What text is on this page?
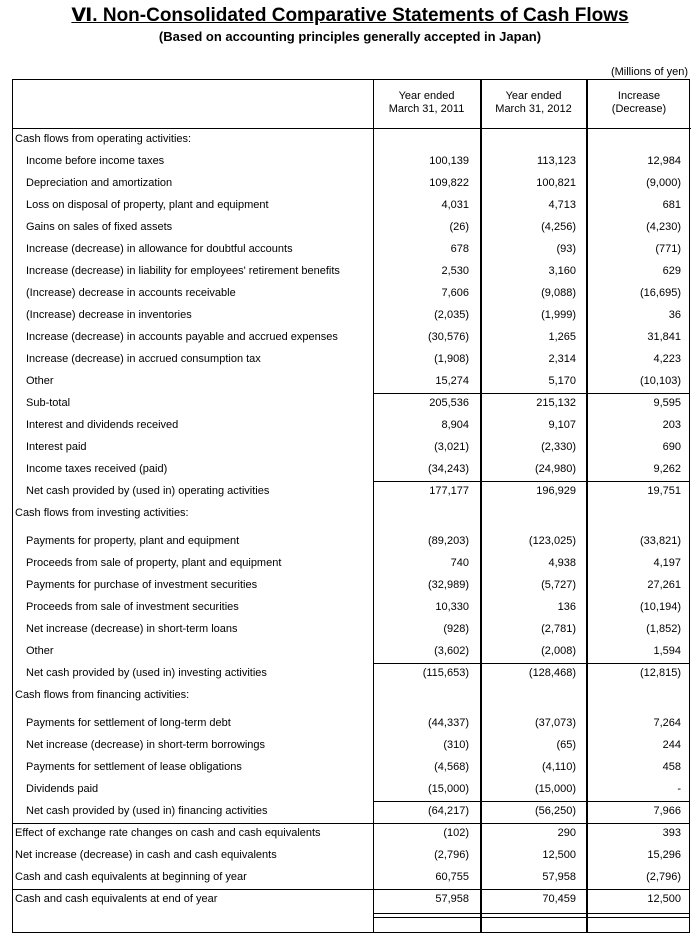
Ⅵ. Non-Consolidated Comparative Statements of Cash Flows
(Based on accounting principles generally accepted in Japan)
(Millions of yen)
Year ended
March 31, 2011
Year ended
March 31, 2012
Increase
(Decrease)
Cash flows from operating activities:
Income before income taxes	100,139	113,123	12,984
Depreciation and amortization	109,822	100,821	(9,000)
Loss on disposal of property, plant and equipment	4,031	4,713	681
Gains on sales of fixed assets	(26)	(4,256)	(4,230)
Increase (decrease) in allowance for doubtful accounts	678	(93)	(771)
Increase (decrease) in liability for employees' retirement benefits	2,530	3,160	629
(Increase) decrease in accounts receivable	7,606	(9,088)	(16,695)
(Increase) decrease in inventories	(2,035)	(1,999)	36
Increase (decrease) in accounts payable and accrued expenses	(30,576)	1,265	31,841
Increase (decrease) in accrued consumption tax	(1,908)	2,314	4,223
Other	15,274	5,170	(10,103)
Sub-total	205,536	215,132	9,595
Interest and dividends received	8,904	9,107	203
Interest paid	(3,021)	(2,330)	690
Income taxes received (paid)	(34,243)	(24,980)	9,262
Net cash provided by (used in) operating activities	177,177	196,929	19,751
Cash flows from investing activities:
Payments for property, plant and equipment	(89,203)	(123,025)	(33,821)
Proceeds from sale of property, plant and equipment	740	4,938	4,197
Payments for purchase of investment securities	(32,989)	(5,727)	27,261
Proceeds from sale of investment securities	10,330	136	(10,194)
Net increase (decrease) in short-term loans	(928)	(2,781)	(1,852)
Other	(3,602)	(2,008)	1,594
Net cash provided by (used in) investing activities	(115,653)	(128,468)	(12,815)
Cash flows from financing activities:
Payments for settlement of long-term debt	(44,337)	(37,073)	7,264
Net increase (decrease) in short-term borrowings	(310)	(65)	244
Payments for settlement of lease obligations	(4,568)	(4,110)	458
Dividends paid	(15,000)	(15,000)	-
Net cash provided by (used in) financing activities	(64,217)	(56,250)	7,966
Effect of exchange rate changes on cash and cash equivalents	(102)	290	393
Net increase (decrease) in cash and cash equivalents	(2,796)	12,500	15,296
Cash and cash equivalents at beginning of year	60,755	57,958	(2,796)
Cash and cash equivalents at end of year	57,958	70,459	12,500
